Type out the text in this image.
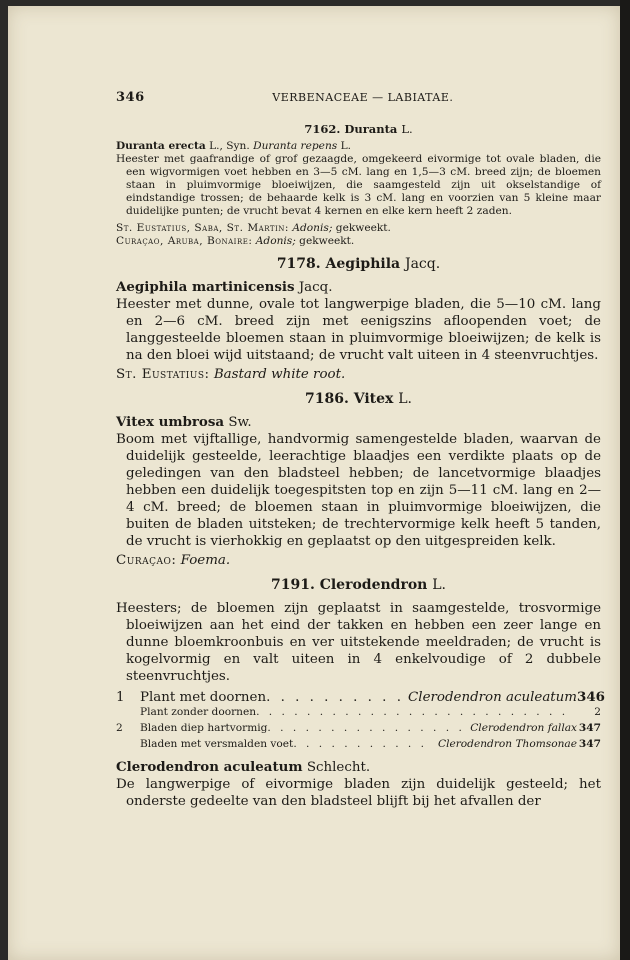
346	VERBENACEAE — LABIATAE.

7162. Duranta L.

Duranta erecta L., Syn. Duranta repens L.

Heester met gaafrandige of grof gezaagde, omgekeerd eivormige tot ovale bladen, die een wigvormigen voet hebben en 3—5 cM. lang en 1,5—3 cM. breed zijn; de bloemen staan in pluimvormige bloeiwijzen, die saamgesteld zijn uit okselstandige of eindstandige trossen; de behaarde kelk is 3 cM. lang en voorzien van 5 kleine maar duidelijke punten; de vrucht bevat 4 kernen en elke kern heeft 2 zaden.

St. Eustatius, Saba, St. Martin: Adonis; gekweekt.

Curaçao, Aruba, Bonaire: Adonis; gekweekt.

7178. Aegiphila Jacq.

Aegiphila martinicensis Jacq.

Heester met dunne, ovale tot langwerpige bladen, die 5—10 cM. lang en 2—6 cM. breed zijn met eenigszins afloopenden voet; de langgesteelde bloemen staan in pluimvormige bloeiwijzen; de kelk is na den bloei wijd uitstaand; de vrucht valt uiteen in 4 steenvruchtjes.

St. Eustatius: Bastard white root.

7186. Vitex L.

Vitex umbrosa Sw.

Boom met vijftallige, handvormig samengestelde bladen, waarvan de duidelijk gesteelde, leerachtige blaadjes een verdikte plaats op de geledingen van den bladsteel hebben; de lancetvormige blaadjes hebben een duidelijk toegespitsten top en zijn 5—11 cM. lang en 2—4 cM. breed; de bloemen staan in pluimvormige bloeiwijzen, die buiten de bladen uitsteken; de trechtervormige kelk heeft 5 tanden, de vrucht is vierhokkig en geplaatst op den uitgespreiden kelk.

Curaçao: Foema.

7191. Clerodendron L.

Heesters; de bloemen zijn geplaatst in saamgestelde, trosvormige bloeiwijzen aan het eind der takken en hebben een zeer lange en dunne bloemkroonbuis en ver uitstekende meeldraden; de vrucht is kogelvormig en valt uiteen in 4 enkelvoudige of 2 dubbele steenvruchtjes.

1	Plant met doornen . . .	Clerodendron aculeatum 346
Plant zonder doornen . . .	2
2	Bladen diep hartvormig . . .	Clerodendron fallax 347
Bladen met versmalden voet . . .	Clerodendron Thomsonae 347

Clerodendron aculeatum Schlecht.

De langwerpige of eivormige bladen zijn duidelijk gesteeld; het onderste gedeelte van den bladsteel blijft bij het afvallen der
